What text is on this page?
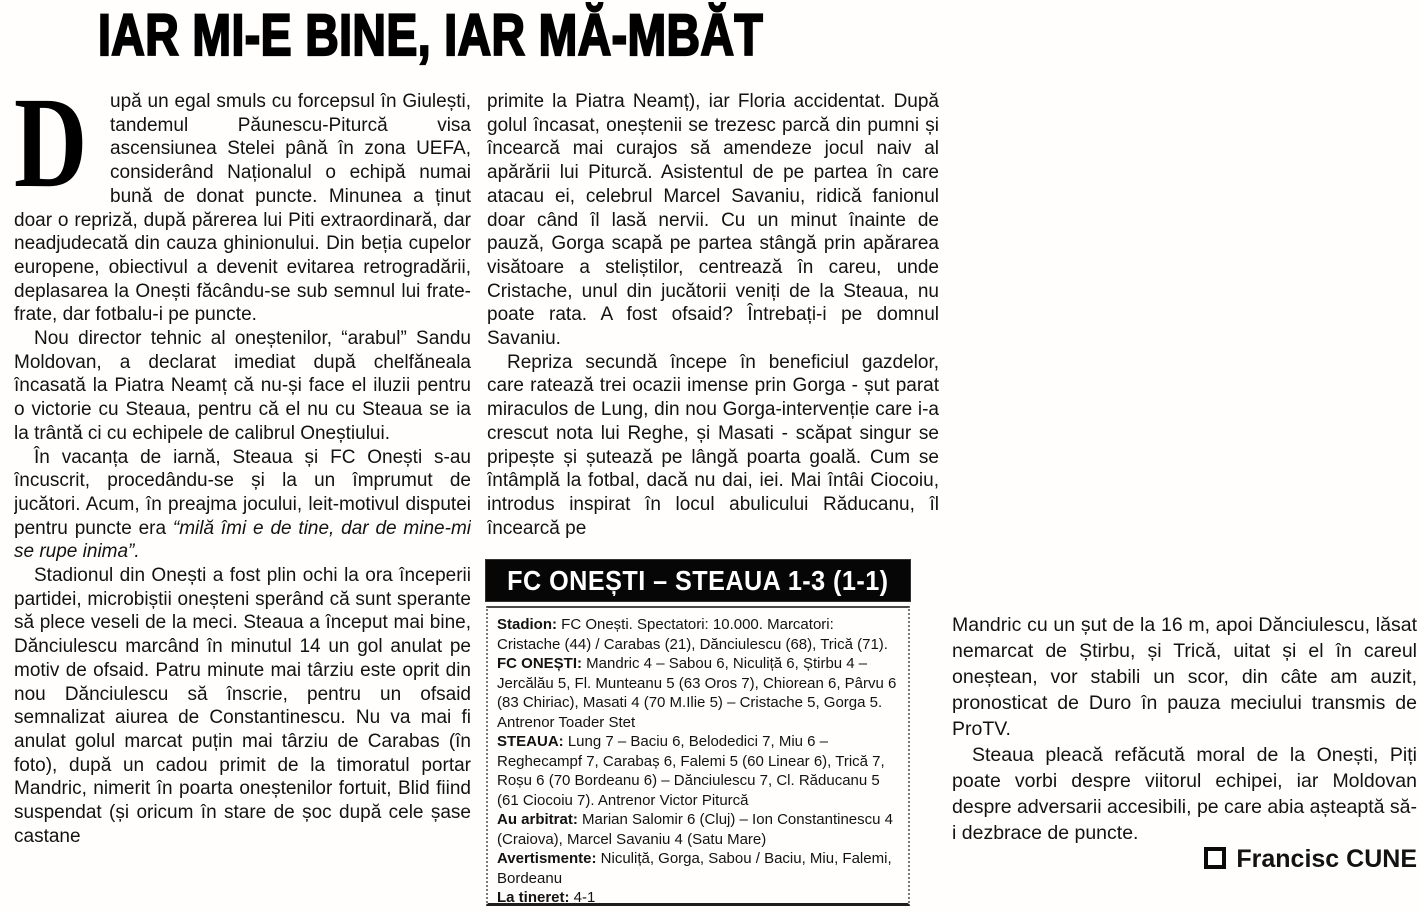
IAR MI-E BINE, IAR MĂ-MBĂT

D upă un egal smuls cu forcepsul în Giulești, tandemul Păunescu-Piturcă visa ascensiunea Stelei până în zona UEFA, considerând Naționalul o echipă numai bună de donat puncte. Minunea a ținut doar o repriză, după părerea lui Piti extraordinară, dar neadjudecată din cauza ghinionului. Din beția cupelor europene, obiectivul a devenit evitarea retrogradării, deplasarea la Onești făcându-se sub semnul lui frate-frate, dar fotbalu-i pe puncte.

Nou director tehnic al oneștenilor, “arabul” Sandu Moldovan, a declarat imediat după chelfăneala încasată la Piatra Neamț că nu-și face el iluzii pentru o victorie cu Steaua, pentru că el nu cu Steaua se ia la trântă ci cu echipele de calibrul Oneștiului.

În vacanța de iarnă, Steaua și FC Onești s-au încuscrit, procedându-se și la un împrumut de jucători. Acum, în preajma jocului, leit-motivul disputei pentru puncte era “milă îmi e de tine, dar de mine-mi se rupe inima”.

Stadionul din Onești a fost plin ochi la ora începerii partidei, microbiștii oneșteni sperând că sunt sperante să plece veseli de la meci. Steaua a început mai bine, Dănciulescu marcând în minutul 14 un gol anulat pe motiv de ofsaid. Patru minute mai târziu este oprit din nou Dănciulescu să înscrie, pentru un ofsaid semnalizat aiurea de Constantinescu. Nu va mai fi anulat golul marcat puțin mai târziu de Carabas (în foto), după un cadou primit de la timoratul portar Mandric, nimerit în poarta oneștenilor fortuit, Blid fiind suspendat (și oricum în stare de șoc după cele șase castane

primite la Piatra Neamț), iar Floria accidentat. După golul încasat, oneștenii se trezesc parcă din pumni și încearcă mai curajos să amendeze jocul naiv al apărării lui Piturcă. Asistentul de pe partea în care atacau ei, celebrul Marcel Savaniu, ridică fanionul doar când îl lasă nervii. Cu un minut înainte de pauză, Gorga scapă pe partea stângă prin apărarea visătoare a steliștilor, centrează în careu, unde Cristache, unul din jucătorii veniți de la Steaua, nu poate rata. A fost ofsaid? Întrebați-i pe domnul Savaniu.

Repriza secundă începe în beneficiul gazdelor, care ratează trei ocazii imense prin Gorga - șut parat miraculos de Lung, din nou Gorga-intervenție care i-a crescut nota lui Reghe, și Masati - scăpat singur se pripește și șutează pe lângă poarta goală. Cum se întâmplă la fotbal, dacă nu dai, iei. Mai întâi Ciocoiu, introdus inspirat în locul abulicului Răducanu, îl încearcă pe

FC ONEȘTI – STEAUA 1-3 (1-1)

Stadion: FC Onești. Spectatori: 10.000. Marcatori: Cristache (44) / Carabas (21), Dănciulescu (68), Trică (71).

FC ONEȘTI: Mandric 4 – Sabou 6, Niculiță 6, Știrbu 4 – Jercălău 5, Fl. Munteanu 5 (63 Oros 7), Chiorean 6, Pârvu 6 (83 Chiriac), Masati 4 (70 M.Ilie 5) – Cristache 5, Gorga 5. Antrenor Toader Stet

STEAUA: Lung 7 – Baciu 6, Belodedici 7, Miu 6 – Reghecampf 7, Carabaș 6, Falemi 5 (60 Linear 6), Trică 7, Roșu 6 (70 Bordeanu 6) – Dănciulescu 7, Cl. Răducanu 5 (61 Ciocoiu 7). Antrenor Victor Piturcă

Au arbitrat: Marian Salomir 6 (Cluj) – Ion Constantinescu 4 (Craiova), Marcel Savaniu 4 (Satu Mare)

Avertismente: Niculiță, Gorga, Sabou / Baciu, Miu, Falemi, Bordeanu

La tineret: 4-1

Mandric cu un șut de la 16 m, apoi Dănciulescu, lăsat nemarcat de Știrbu, și Trică, uitat și el în careul oneștean, vor stabili un scor, din câte am auzit, pronosticat de Duro în pauza meciului transmis de ProTV.

Steaua pleacă refăcută moral de la Onești, Piți poate vorbi despre viitorul echipei, iar Moldovan despre adversarii accesibili, pe care abia așteaptă să-i dezbrace de puncte.

Francisc CUNE
